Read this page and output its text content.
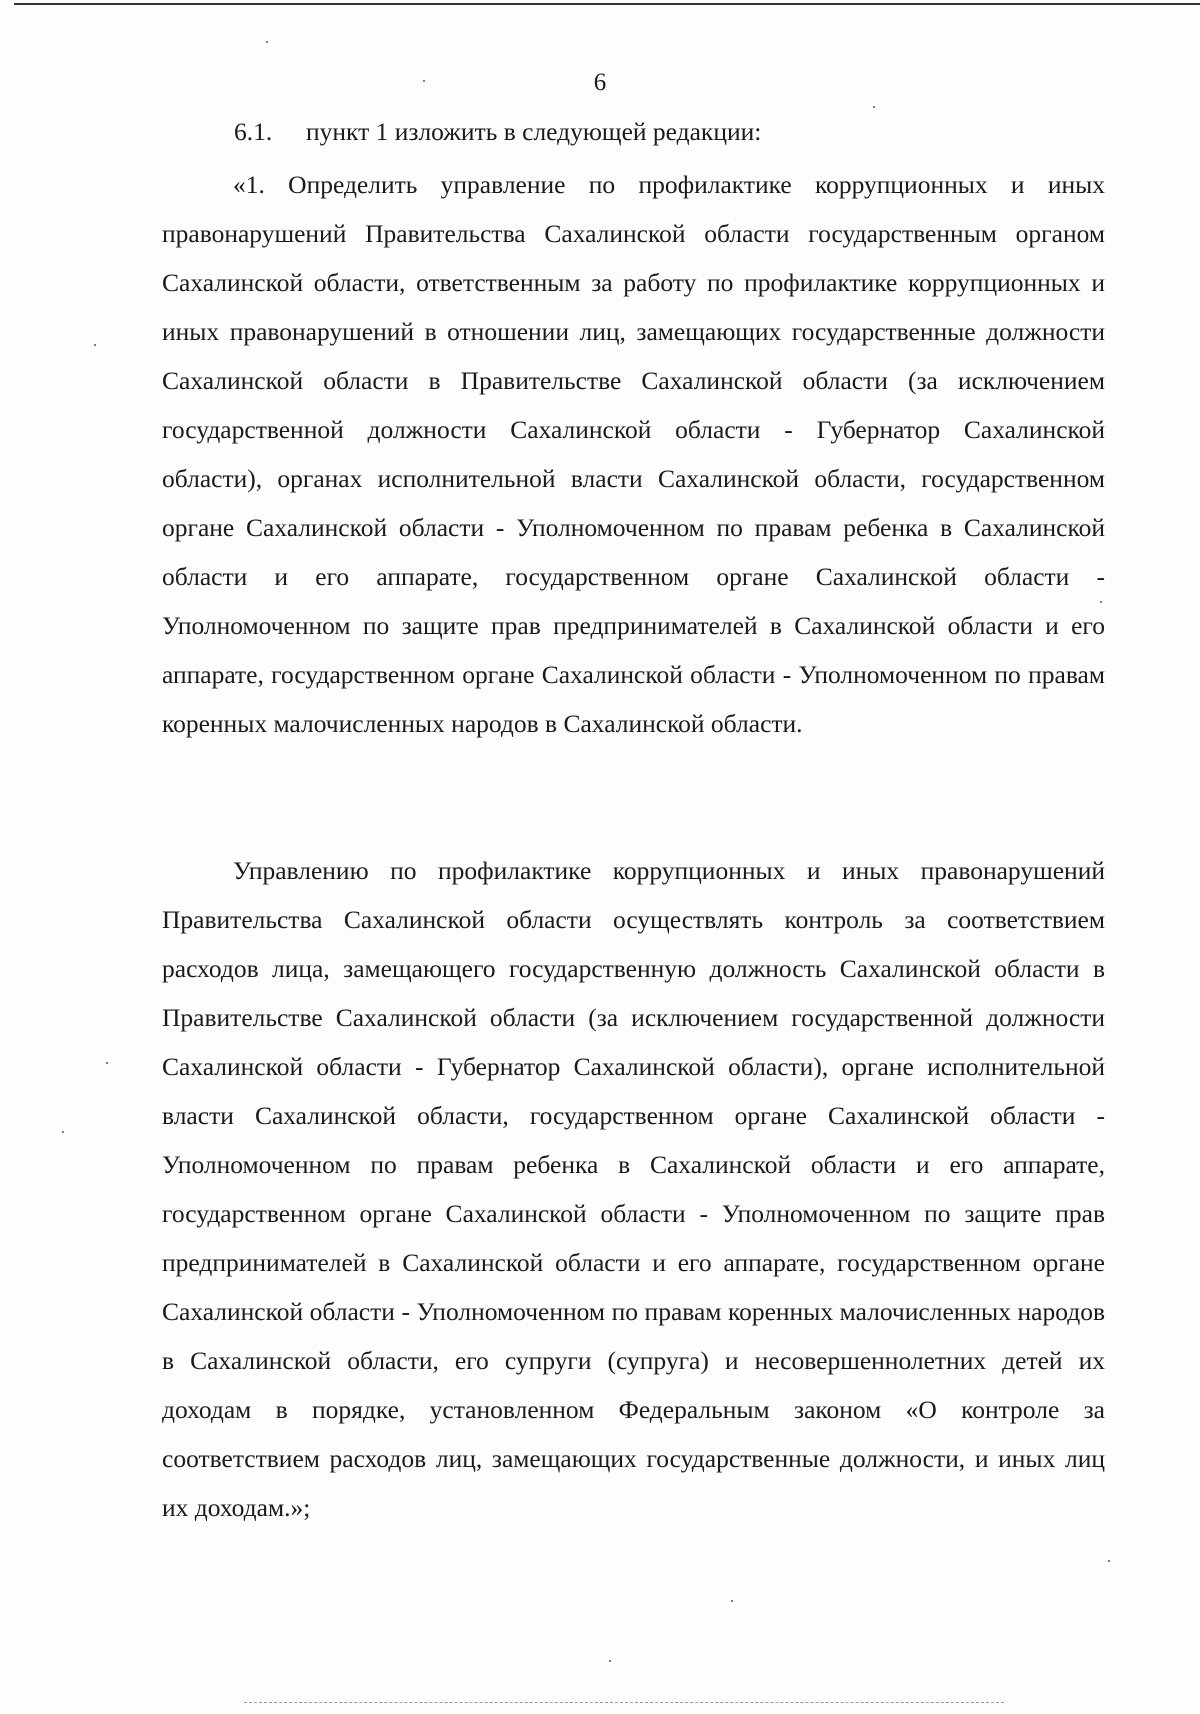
6
6.1. пункт 1 изложить в следующей редакции:

«1. Определить управление по профилактике коррупционных и иных правонарушений Правительства Сахалинской области государственным органом Сахалинской области, ответственным за работу по профилактике коррупционных и иных правонарушений в отношении лиц, замещающих государственные должности Сахалинской области в Правительстве Сахалинской области (за исключением государственной должности Сахалинской области - Губернатор Сахалинской области), органах исполнительной власти Сахалинской области, государственном органе Сахалинской области - Уполномоченном по правам ребенка в Сахалинской области и его аппарате, государственном органе Сахалинской области - Уполномоченном по защите прав предпринимателей в Сахалинской области и его аппарате, государственном органе Сахалинской области - Уполномоченном по правам коренных малочисленных народов в Сахалинской области.

Управлению по профилактике коррупционных и иных правонарушений Правительства Сахалинской области осуществлять контроль за соответствием расходов лица, замещающего государственную должность Сахалинской области в Правительстве Сахалинской области (за исключением государственной должности Сахалинской области - Губернатор Сахалинской области), органе исполнительной власти Сахалинской области, государственном органе Сахалинской области - Уполномоченном по правам ребенка в Сахалинской области и его аппарате, государственном органе Сахалинской области - Уполномоченном по защите прав предпринимателей в Сахалинской области и его аппарате, государственном органе Сахалинской области - Уполномоченном по правам коренных малочисленных народов в Сахалинской области, его супруги (супруга) и несовершеннолетних детей их доходам в порядке, установленном Федеральным законом «О контроле за соответствием расходов лиц, замещающих государственные должности, и иных лиц их доходам.»;
